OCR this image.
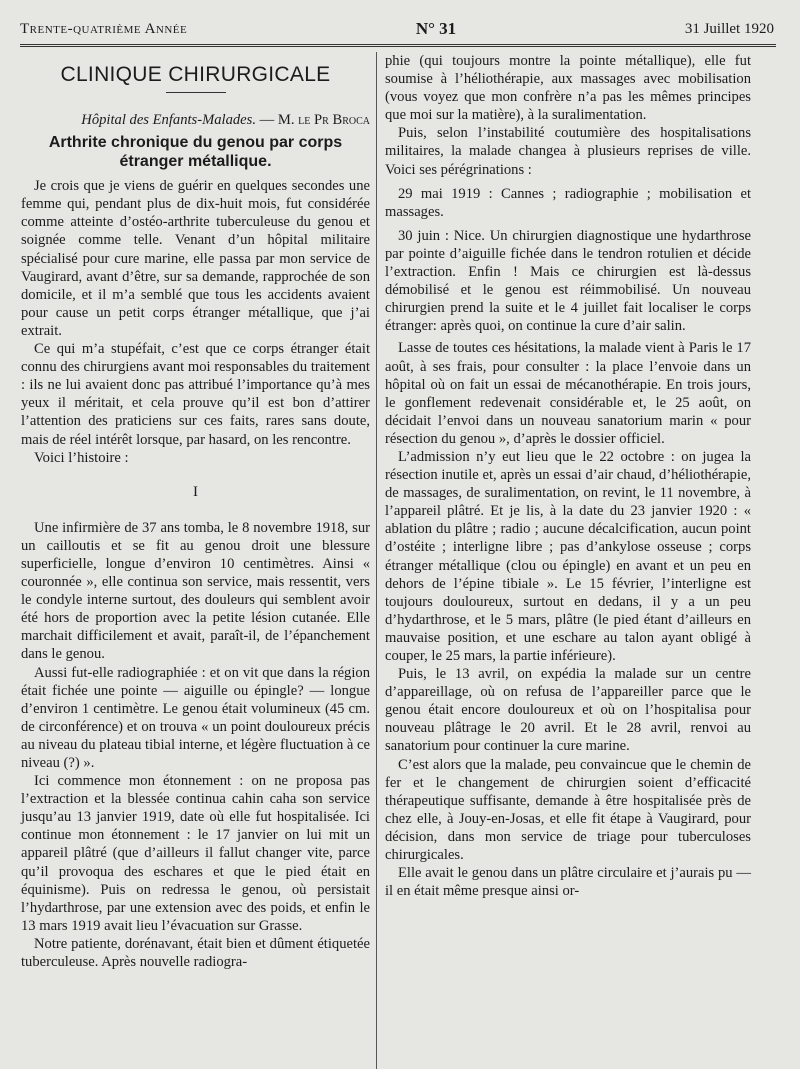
Trente-quatrième Année	N° 31	31 Juillet 1920
CLINIQUE CHIRURGICALE
Hôpital des Enfants-Malades. — M. le Pr Broca
Arthrite chronique du genou par corps étranger métallique.

Je crois que je viens de guérir en quelques secondes une femme qui, pendant plus de dix-huit mois, fut considérée comme atteinte d’ostéo-arthrite tuberculeuse du genou et soignée comme telle. Venant d’un hôpital militaire spécialisé pour cure marine, elle passa par mon service de Vaugirard, avant d’être, sur sa demande, rapprochée de son domicile, et il m’a semblé que tous les accidents avaient pour cause un petit corps étranger métallique, que j’ai extrait.

Ce qui m’a stupéfait, c’est que ce corps étranger était connu des chirurgiens avant moi responsables du traitement : ils ne lui avaient donc pas attribué l’importance qu’à mes yeux il méritait, et cela prouve qu’il est bon d’attirer l’attention des praticiens sur ces faits, rares sans doute, mais de réel intérêt lorsque, par hasard, on les rencontre.

Voici l’histoire :

I

Une infirmière de 37 ans tomba, le 8 novembre 1918, sur un cailloutis et se fit au genou droit une blessure superficielle, longue d’environ 10 centimètres. Ainsi « couronnée », elle continua son service, mais ressentit, vers le condyle interne surtout, des douleurs qui semblent avoir été hors de proportion avec la petite lésion cutanée. Elle marchait difficilement et avait, paraît-il, de l’épanchement dans le genou.

Aussi fut-elle radiographiée : et on vit que dans la région était fichée une pointe — aiguille ou épingle? — longue d’environ 1 centimètre. Le genou était volumineux (45 cm. de circonférence) et on trouva « un point douloureux précis au niveau du plateau tibial interne, et légère fluctuation à ce niveau (?) ».

Ici commence mon étonnement : on ne proposa pas l’extraction et la blessée continua cahin caha son service jusqu’au 13 janvier 1919, date où elle fut hospitalisée. Ici continue mon étonnement : le 17 janvier on lui mit un appareil plâtré (que d’ailleurs il fallut changer vite, parce qu’il provoqua des eschares et que le pied était en équinisme). Puis on redressa le genou, où persistait l’hydarthrose, par une extension avec des poids, et enfin le 13 mars 1919 avait lieu l’évacuation sur Grasse.

Notre patiente, dorénavant, était bien et dûment étiquetée tuberculeuse. Après nouvelle radiogra-

phie (qui toujours montre la pointe métallique), elle fut soumise à l’héliothérapie, aux massages avec mobilisation (vous voyez que mon confrère n’a pas les mêmes principes que moi sur la matière), à la suralimentation.

Puis, selon l’instabilité coutumière des hospitalisations militaires, la malade changea à plusieurs reprises de ville. Voici ses pérégrinations :

29 mai 1919 : Cannes ; radiographie ; mobilisation et massages.

30 juin : Nice. Un chirurgien diagnostique une hydarthrose par pointe d’aiguille fichée dans le tendron rotulien et décide l’extraction. Enfin ! Mais ce chirurgien est là-dessus démobilisé et le genou est réimmobilisé. Un nouveau chirurgien prend la suite et le 4 juillet fait localiser le corps étranger: après quoi, on continue la cure d’air salin.

Lasse de toutes ces hésitations, la malade vient à Paris le 17 août, à ses frais, pour consulter : la place l’envoie dans un hôpital où on fait un essai de mécanothérapie. En trois jours, le gonflement redevenait considérable et, le 25 août, on décidait l’envoi dans un nouveau sanatorium marin « pour résection du genou », d’après le dossier officiel.

L’admission n’y eut lieu que le 22 octobre : on jugea la résection inutile et, après un essai d’air chaud, d’héliothérapie, de massages, de suralimentation, on revint, le 11 novembre, à l’appareil plâtré. Et je lis, à la date du 23 janvier 1920 : « ablation du plâtre ; radio ; aucune décalcification, aucun point d’ostéite ; interligne libre ; pas d’ankylose osseuse ; corps étranger métallique (clou ou épingle) en avant et un peu en dehors de l’épine tibiale ». Le 15 février, l’interligne est toujours douloureux, surtout en dedans, il y a un peu d’hydarthrose, et le 5 mars, plâtre (le pied étant d’ailleurs en mauvaise position, et une eschare au talon ayant obligé à couper, le 25 mars, la partie inférieure).

Puis, le 13 avril, on expédia la malade sur un centre d’appareillage, où on refusa de l’appareiller parce que le genou était encore douloureux et où on l’hospitalisa pour nouveau plâtrage le 20 avril. Et le 28 avril, renvoi au sanatorium pour continuer la cure marine.

C’est alors que la malade, peu convaincue que le chemin de fer et le changement de chirurgien soient d’efficacité thérapeutique suffisante, demande à être hospitalisée près de chez elle, à Jouy-en-Josas, et elle fit étape à Vaugirard, pour décision, dans mon service de triage pour tuberculoses chirurgicales.

Elle avait le genou dans un plâtre circulaire et j’aurais pu — il en était même presque ainsi or-
